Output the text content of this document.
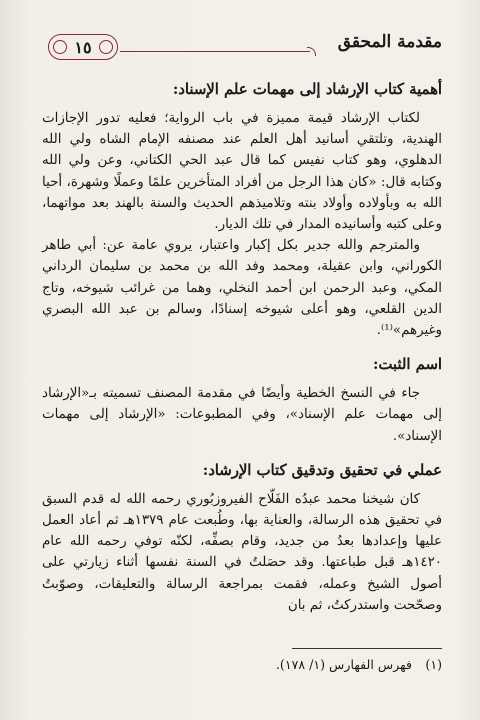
مقدمة المحقق
١٥
أهمية كتاب الإرشاد إلى مهمات علم الإسناد:

لكتاب الإرشاد قيمة مميزة في باب الرواية؛ فعليه تدور الإجازات الهندية، وتلتقي أسانيد أهل العلم عند مصنفه الإمام الشاه ولي الله الدهلوي، وهو كتاب نفيس كما قال عبد الحي الكتاني، وعن ولي الله وكتابه قال: «كان هذا الرجل من أفراد المتأخرين علمًا وعملًا وشهرة، أحيا الله به وبأولاده وأولاد بنته وتلاميذهم الحديث والسنة بالهند بعد مواتهما، وعلى كتبه وأسانيده المدار في تلك الديار.

والمترجم والله جدير بكل إكبار واعتبار، يروي عامة عن: أبي طاهر الكوراني، وابن عقيلة، ومحمد وفد الله بن محمد بن سليمان الرداني المكي، وعبد الرحمن ابن أحمد النخلي، وهما من غرائب شيوخه، وتاج الدين القلعي، وهو أعلى شيوخه إسنادًا، وسالم بن عبد الله البصري وغيرهم»⁽¹⁾.

اسم الثبت:

جاء في النسخ الخطية وأيضًا في مقدمة المصنف تسميته بـ«الإرشاد إلى مهمات علم الإسناد»، وفي المطبوعات: «الإرشاد إلى مهمات الإسناد».

عملي في تحقيق وتدقيق كتاب الإرشاد:

كان شيخنا محمد عبدُه الفَلّاح الفيروزبُوري رحمه الله له قدم السبق في تحقيق هذه الرسالة، والعناية بها، وطُبعت عام ١٣٧٩هـ ثم أعاد العمل عليها وإعدادها بعدُ من جديد، وقام بصفِّه، لكنّه توفي رحمه الله عام ١٤٢٠هـ قبل طباعتها. وقد حصَلتُ في السنة نفسها أثناء زيارتي على أصول الشيخ وعمله، فقمت بمراجعة الرسالة والتعليقات، وصوّبتُ وصحّحت واستدركتُ، ثم بان

(١)
فهرس الفهارس (١/ ١٧٨).
